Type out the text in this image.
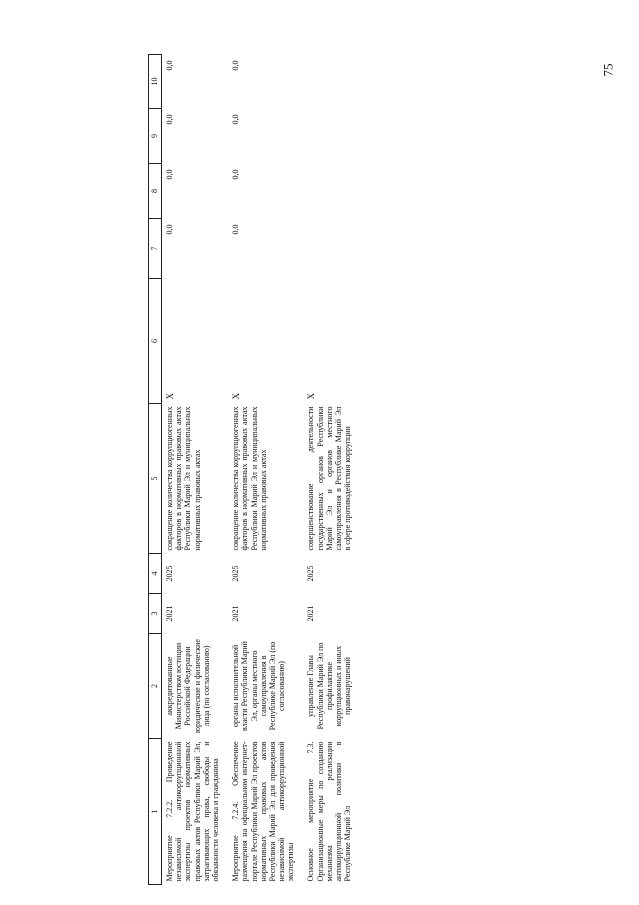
75
1	2	3	4	5	6	7	8	9	10
Мероприятие 7.2.2. Проведение независимой антикоррупционной экспертизы проектов нормативных правовых актов Республики Марий Эл, затрагивающих права, свободы и обязанности человека и гражданина	аккредитованные Министерством юстиции Российской Федерации юридические и физические лица (по согласованию)	2021	2025	сокращение количества коррупциогенных факторов в нормативных правовых актах Республики Марий Эл и муниципальных нормативных правовых актах	X	0,0	0,0	0,0	0,0
Мероприятие 7.2.4. Обеспечение размещения на официальном интернет-портале Республики Марий Эл проектов нормативных правовых актов Республики Марий Эл для проведения независимой антикоррупционной экспертизы	органы исполнительной власти Республики Марий Эл, органы местного самоуправления в Республике Марий Эл (по согласованию)	2021	2025	сокращение количества коррупциогенных факторов в нормативных правовых актах Республики Марий Эл и муниципальных нормативных правовых актах	X	0,0	0,0	0,0	0,0
Основное мероприятие 7.3. Организационные меры по созданию механизма реализации антикоррупционной политики в Республике Марий Эл	управление Главы Республики Марий Эл по профилактике коррупционных и иных правонарушений	2021	2025	совершенствование деятельности государственных органов Республики Марий Эл и органов местного самоуправления в Республике Марий Эл в сфере противодействия коррупции	X				
